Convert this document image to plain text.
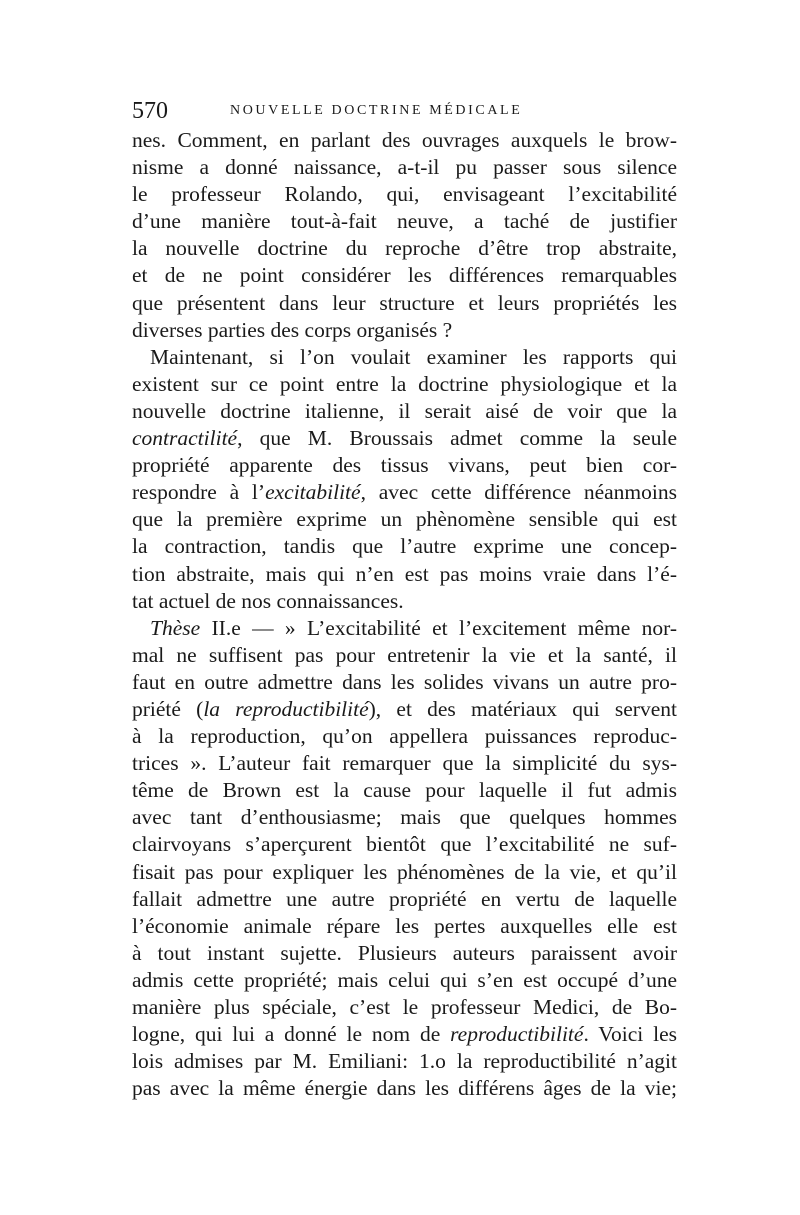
570	NOUVELLE DOCTRINE MÉDICALE
nes. Comment, en parlant des ouvrages auxquels le brow-
nisme a donné naissance, a-t-il pu passer sous silence
le professeur Rolando, qui, envisageant l’excitabilité
d’une manière tout-à-fait neuve, a taché de justifier
la nouvelle doctrine du reproche d’être trop abstraite,
et de ne point considérer les différences remarquables
que présentent dans leur structure et leurs propriétés les
diverses parties des corps organisés ?
Maintenant, si l’on voulait examiner les rapports qui
existent sur ce point entre la doctrine physiologique et la
nouvelle doctrine italienne, il serait aisé de voir que la
contractilité, que M. Broussais admet comme la seule
propriété apparente des tissus vivans, peut bien cor-
respondre à l’excitabilité, avec cette différence néanmoins
que la première exprime un phènomène sensible qui est
la contraction, tandis que l’autre exprime une concep-
tion abstraite, mais qui n’en est pas moins vraie dans l’é-
tat actuel de nos connaissances.
Thèse II.e — » L’excitabilité et l’excitement même nor-
mal ne suffisent pas pour entretenir la vie et la santé, il
faut en outre admettre dans les solides vivans un autre pro-
priété (la reproductibilité), et des matériaux qui servent
à la reproduction, qu’on appellera puissances reproduc-
trices ». L’auteur fait remarquer que la simplicité du sys-
tême de Brown est la cause pour laquelle il fut admis
avec tant d’enthousiasme; mais que quelques hommes
clairvoyans s’aperçurent bientôt que l’excitabilité ne suf-
fisait pas pour expliquer les phénomènes de la vie, et qu’il
fallait admettre une autre propriété en vertu de laquelle
l’économie animale répare les pertes auxquelles elle est
à tout instant sujette. Plusieurs auteurs paraissent avoir
admis cette propriété; mais celui qui s’en est occupé d’une
manière plus spéciale, c’est le professeur Medici, de Bo-
logne, qui lui a donné le nom de reproductibilité. Voici les
lois admises par M. Emiliani: 1.o la reproductibilité n’agit
pas avec la même énergie dans les différens âges de la vie;
